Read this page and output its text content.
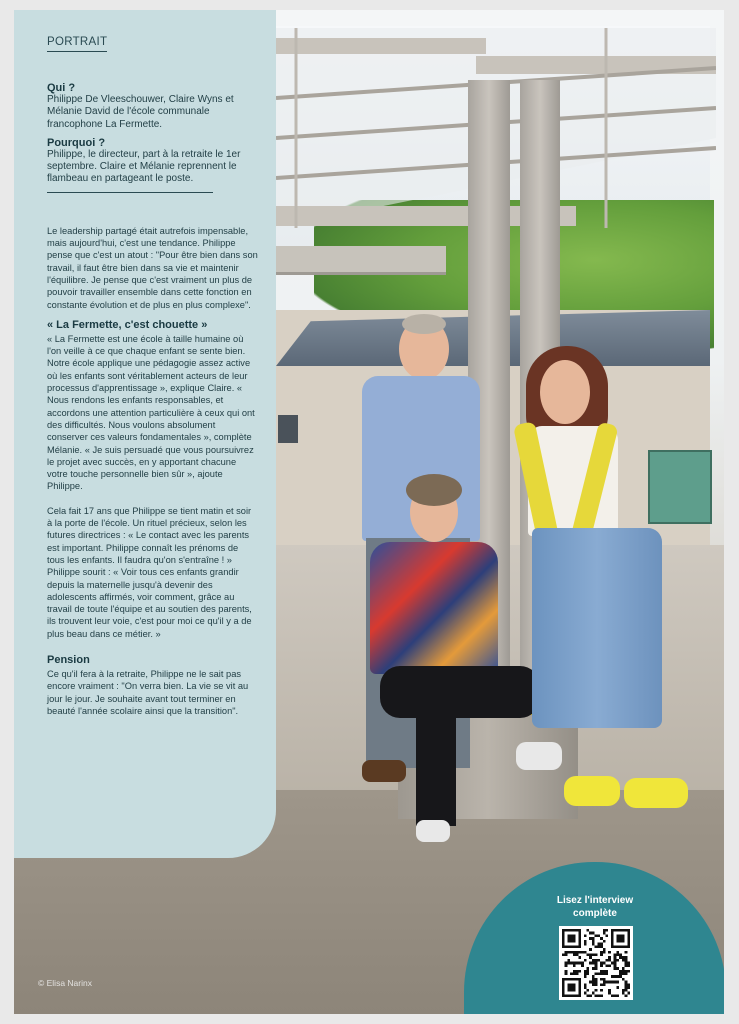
PORTRAIT
Qui ?
Philippe De Vleeschouwer, Claire Wyns et Mélanie David de l'école communale francophone La Fermette.
Pourquoi ?
Philippe, le directeur, part à la retraite le 1er septembre. Claire et Mélanie reprennent le flambeau en partageant le poste.
Le leadership partagé était autrefois impensable, mais aujourd'hui, c'est une tendance. Philippe pense que c'est un atout : "Pour être bien dans son travail, il faut être bien dans sa vie et maintenir l'équilibre. Je pense que c'est vraiment un plus de pouvoir travailler ensemble dans cette fonction en constante évolution et de plus en plus complexe".
« La Fermette, c'est chouette »
« La Fermette est une école à taille humaine où l'on veille à ce que chaque enfant se sente bien. Notre école applique une pédagogie assez active où les enfants sont véritablement acteurs de leur processus d'apprentissage », explique Claire. « Nous rendons les enfants responsables, et accordons une attention particulière à ceux qui ont des difficultés. Nous voulons absolument conserver ces valeurs fondamentales », complète Mélanie. « Je suis persuadé que vous poursuivrez le projet avec succès, en y apportant chacune votre touche personnelle bien sûr », ajoute Philippe.
Cela fait 17 ans que Philippe se tient matin et soir à la porte de l'école. Un rituel précieux, selon les futures directrices : « Le contact avec les parents est important. Philippe connaît les prénoms de tous les enfants. Il faudra qu'on s'entraîne ! » Philippe sourit : « Voir tous ces enfants grandir depuis la maternelle jusqu'à devenir des adolescents affirmés, voir comment, grâce au travail de toute l'équipe et au soutien des parents, ils trouvent leur voie, c'est pour moi ce qu'il y a de plus beau dans ce métier. »
Pension
Ce qu'il fera à la retraite, Philippe ne le sait pas encore vraiment : "On verra bien. La vie se vit au jour le jour. Je souhaite avant tout terminer en beauté l'année scolaire ainsi que la transition".
Lisez l'interview complète
© Elisa Narinx
